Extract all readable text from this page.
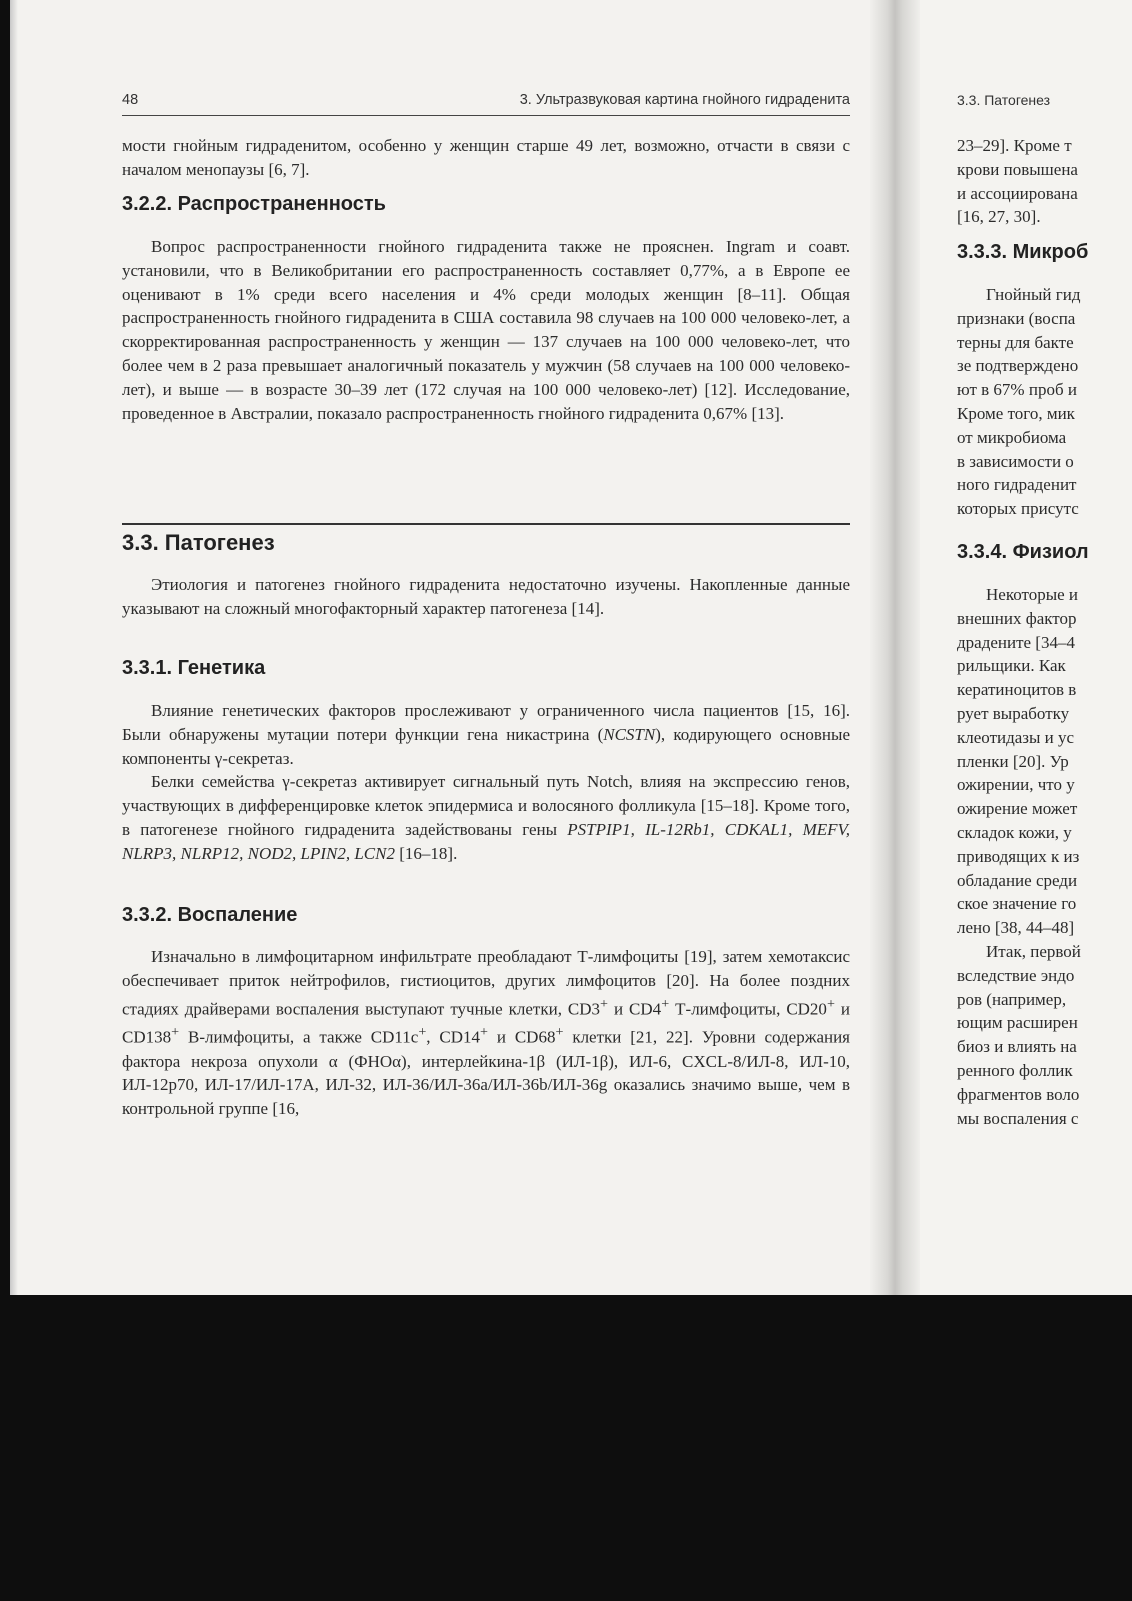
48	3. Ультразвуковая картина гнойного гидраденита

мости гнойным гидраденитом, особенно у женщин старше 49 лет, возможно, отчасти в связи с началом менопаузы [6, 7].

3.2.2. Распространенность

Вопрос распространенности гнойного гидраденита также не прояснен. Ingram и соавт. установили, что в Великобритании его распространенность составляет 0,77%, а в Европе ее оценивают в 1% среди всего населения и 4% среди молодых женщин [8–11]. Общая распространенность гнойного гидраденита в США составила 98 случаев на 100 000 человеко-лет, а скорректированная распространенность у женщин — 137 случаев на 100 000 человеко-лет, что более чем в 2 раза превышает аналогичный показатель у мужчин (58 случаев на 100 000 человеко-лет), и выше — в возрасте 30–39 лет (172 случая на 100 000 человеко-лет) [12]. Исследование, проведенное в Австралии, показало распространенность гнойного гидраденита 0,67% [13].

3.3. Патогенез

Этиология и патогенез гнойного гидраденита недостаточно изучены. Накопленные данные указывают на сложный многофакторный характер патогенеза [14].

3.3.1. Генетика

Влияние генетических факторов прослеживают у ограниченного числа пациентов [15, 16]. Были обнаружены мутации потери функции гена никастрина (NCSTN), кодирующего основные компоненты γ-секретаз.

Белки семейства γ-секретаз активирует сигнальный путь Notch, влияя на экспрессию генов, участвующих в дифференцировке клеток эпидермиса и волосяного фолликула [15–18]. Кроме того, в патогенезе гнойного гидраденита задействованы гены PSTPIP1, IL-12Rb1, CDKAL1, MEFV, NLRP3, NLRP12, NOD2, LPIN2, LCN2 [16–18].

3.3.2. Воспаление

Изначально в лимфоцитарном инфильтрате преобладают Т-лимфоциты [19], затем хемотаксис обеспечивает приток нейтрофилов, гистиоцитов, других лимфоцитов [20]. На более поздних стадиях драйверами воспаления выступают тучные клетки, CD3+ и CD4+ Т-лимфоциты, CD20+ и CD138+ В-лимфоциты, а также CD11c+, CD14+ и CD68+ клетки [21, 22]. Уровни содержания фактора некроза опухоли α (ФНОα), интерлейкина-1β (ИЛ-1β), ИЛ-6, CXCL-8/ИЛ-8, ИЛ-10, ИЛ-12p70, ИЛ-17/ИЛ-17А, ИЛ-32, ИЛ-36/ИЛ-36a/ИЛ-36b/ИЛ-36g оказались значимо выше, чем в контрольной группе [16,

3.3. Патогенез
23–29]. Кроме т
крови повышена
и ассоциирована
[16, 27, 30].
3.3.3. Микроб
Гнойный гид
признаки (воспа
терны для бакте
зе подтверждено
ют в 67% проб и
Кроме того, мик
от микробиома
в зависимости о
ного гидраденит
которых присутс
3.3.4. Физиол
Некоторые и
внешних фактор
драдените [34–4
рильщики. Как
кератиноцитов в
рует выработку
клеотидазы и ус
пленки [20]. Ур
ожирении, что у
ожирение может
складок кожи, у
приводящих к из
обладание среди
ское значение го
лено [38, 44–48]
Итак, первой
вследствие эндо
ров (например,
ющим расширен
биоз и влиять на
ренного фоллик
фрагментов воло
мы воспаления с
